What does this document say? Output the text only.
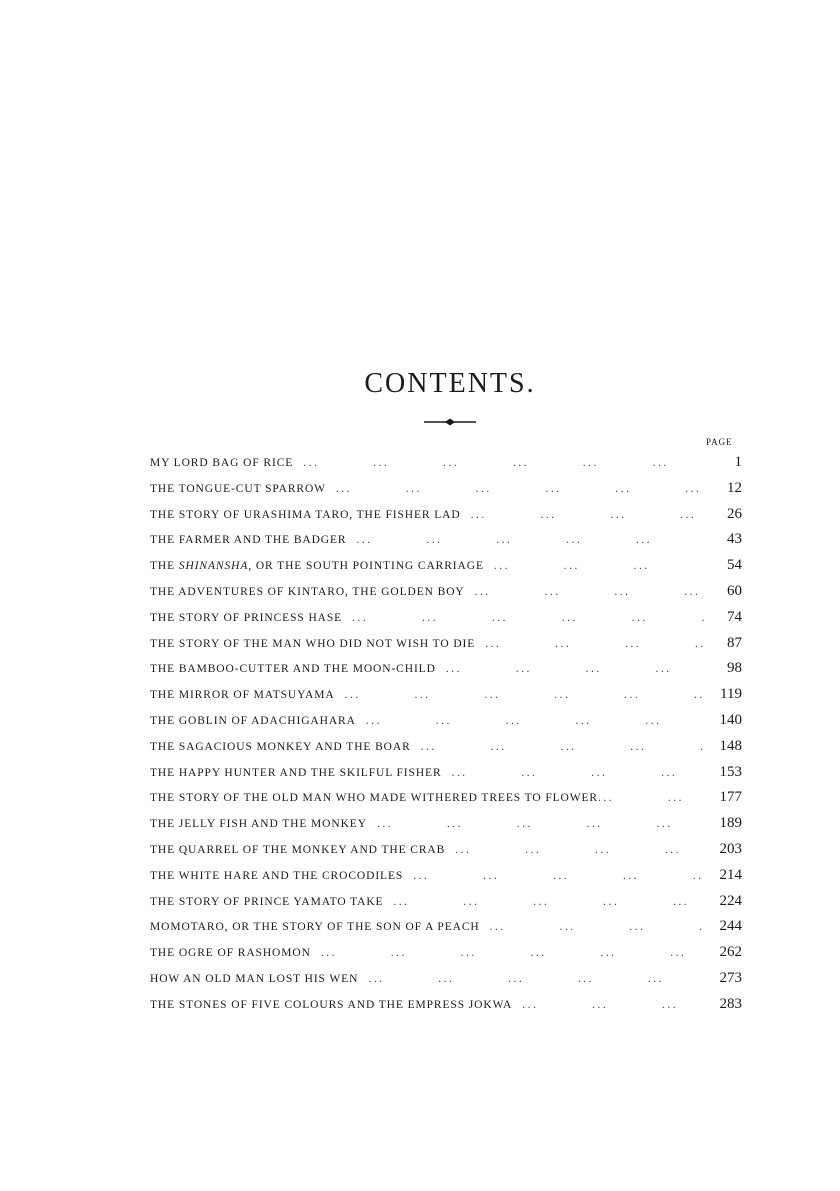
CONTENTS.
PAGE
MY LORD BAG OF RICE ...	1
THE TONGUE-CUT SPARROW ...	12
THE STORY OF URASHIMA TARO, THE FISHER LAD ...	26
THE FARMER AND THE BADGER ...	43
THE SHINANSHA, OR THE SOUTH POINTING CARRIAGE ...	54
THE ADVENTURES OF KINTARO, THE GOLDEN BOY ...	60
THE STORY OF PRINCESS HASE ...	74
THE STORY OF THE MAN WHO DID NOT WISH TO DIE ...	87
THE BAMBOO-CUTTER AND THE MOON-CHILD ...	98
THE MIRROR OF MATSUYAMA ...	119
THE GOBLIN OF ADACHIGAHARA ...	140
THE SAGACIOUS MONKEY AND THE BOAR ...	148
THE HAPPY HUNTER AND THE SKILFUL FISHER ...	153
THE STORY OF THE OLD MAN WHO MADE WITHERED TREES TO FLOWER ...	177
THE JELLY FISH AND THE MONKEY ...	189
THE QUARREL OF THE MONKEY AND THE CRAB ...	203
THE WHITE HARE AND THE CROCODILES ...	214
THE STORY OF PRINCE YAMATO TAKE ...	224
MOMOTARO, OR THE STORY OF THE SON OF A PEACH ...	244
THE OGRE OF RASHOMON ...	262
HOW AN OLD MAN LOST HIS WEN ...	273
THE STONES OF FIVE COLOURS AND THE EMPRESS JOKWA ...	283
